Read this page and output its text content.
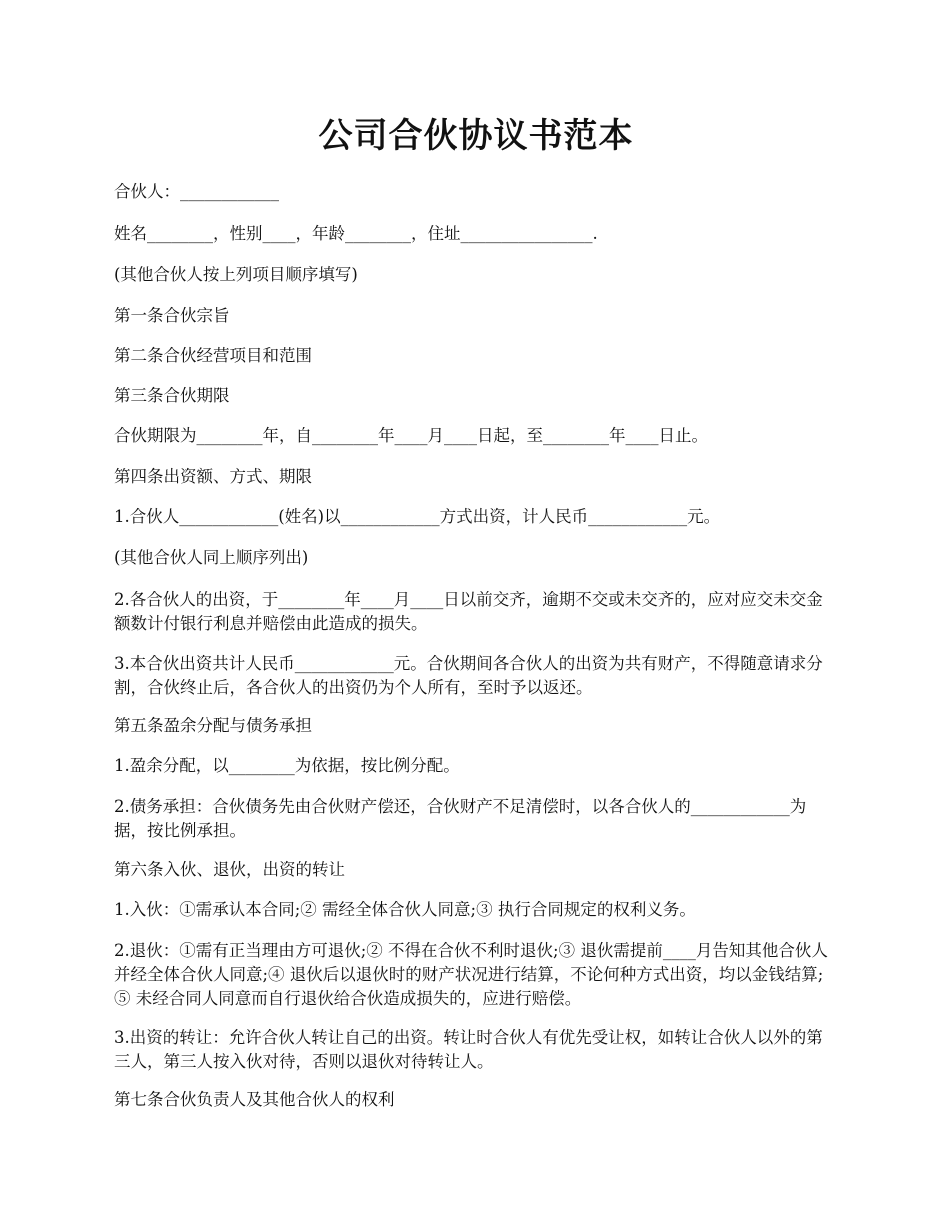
公司合伙协议书范本

合伙人：____________

姓名________，性别____，年龄________，住址________________.

(其他合伙人按上列项目顺序填写)

第一条合伙宗旨

第二条合伙经营项目和范围

第三条合伙期限

合伙期限为________年，自________年____月____日起，至________年____日止。

第四条出资额、方式、期限

1.合伙人____________(姓名)以____________方式出资，计人民币____________元。

(其他合伙人同上顺序列出)

2.各合伙人的出资，于________年____月____日以前交齐，逾期不交或未交齐的，应对应交未交金额数计付银行利息并赔偿由此造成的损失。

3.本合伙出资共计人民币____________元。合伙期间各合伙人的出资为共有财产，不得随意请求分割，合伙终止后，各合伙人的出资仍为个人所有，至时予以返还。

第五条盈余分配与债务承担

1.盈余分配，以________为依据，按比例分配。

2.债务承担：合伙债务先由合伙财产偿还，合伙财产不足清偿时，以各合伙人的____________为据，按比例承担。

第六条入伙、退伙，出资的转让

1.入伙：①需承认本合同;② 需经全体合伙人同意;③ 执行合同规定的权利义务。

2.退伙：①需有正当理由方可退伙;② 不得在合伙不利时退伙;③ 退伙需提前____月告知其他合伙人并经全体合伙人同意;④ 退伙后以退伙时的财产状况进行结算，不论何种方式出资，均以金钱结算;⑤ 未经合同人同意而自行退伙给合伙造成损失的，应进行赔偿。

3.出资的转让：允许合伙人转让自己的出资。转让时合伙人有优先受让权，如转让合伙人以外的第三人，第三人按入伙对待，否则以退伙对待转让人。

第七条合伙负责人及其他合伙人的权利
